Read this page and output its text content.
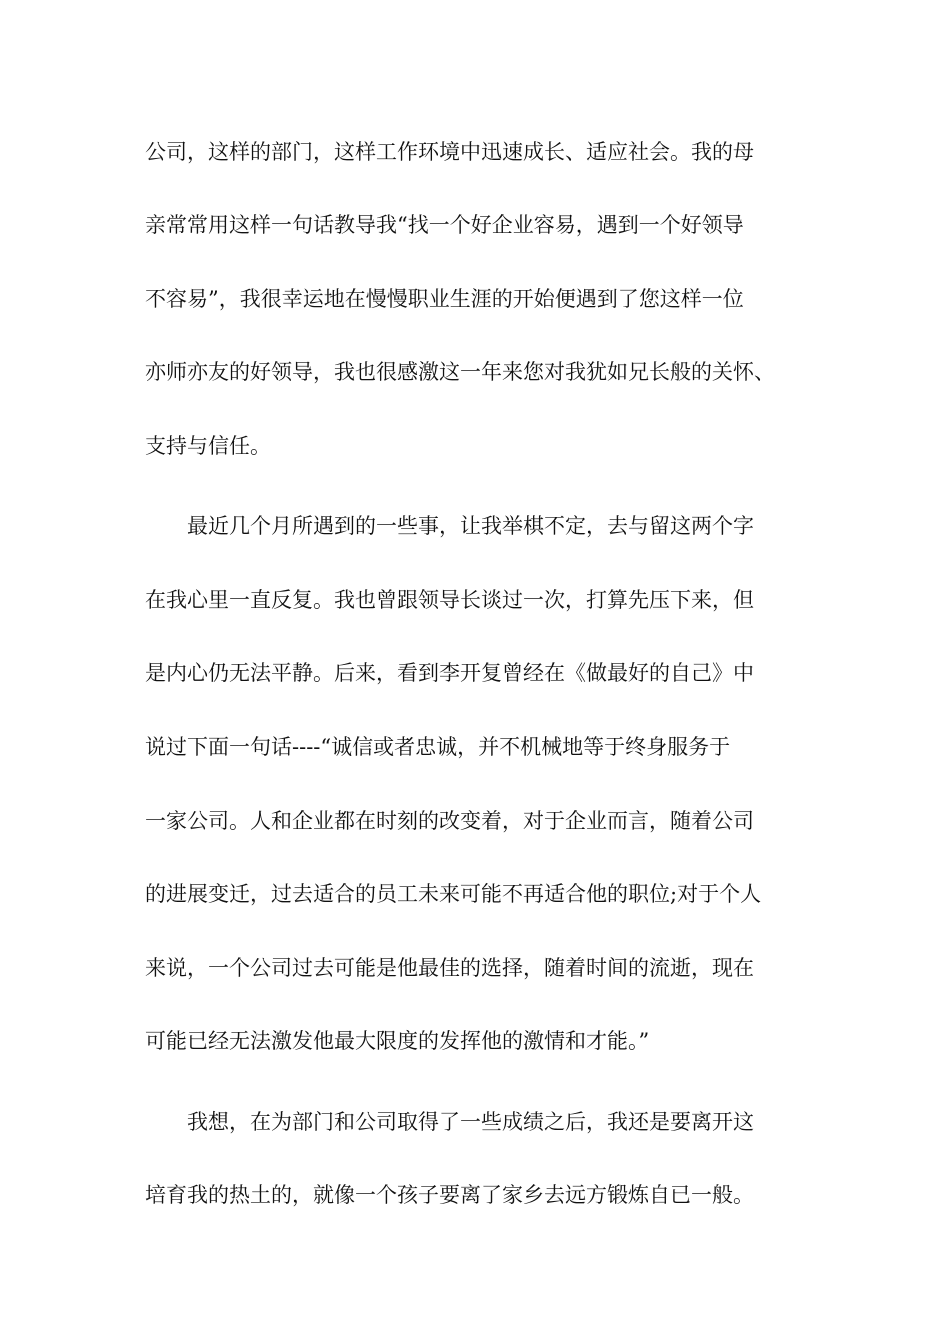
公司，这样的部门，这样工作环境中迅速成长、适应社会。我的母
亲常常用这样一句话教导我“找一个好企业容易，遇到一个好领导
不容易”，我很幸运地在慢慢职业生涯的开始便遇到了您这样一位
亦师亦友的好领导，我也很感激这一年来您对我犹如兄长般的关怀、
支持与信任。
　　最近几个月所遇到的一些事，让我举棋不定，去与留这两个字
在我心里一直反复。我也曾跟领导长谈过一次，打算先压下来，但
是内心仍无法平静。后来，看到李开复曾经在《做最好的自己》中
说过下面一句话----“诚信或者忠诚，并不机械地等于终身服务于
一家公司。人和企业都在时刻的改变着，对于企业而言，随着公司
的进展变迁，过去适合的员工未来可能不再适合他的职位;对于个人
来说，一个公司过去可能是他最佳的选择，随着时间的流逝，现在
可能已经无法激发他最大限度的发挥他的激情和才能。”
　　我想，在为部门和公司取得了一些成绩之后，我还是要离开这
培育我的热土的，就像一个孩子要离了家乡去远方锻炼自已一般。
